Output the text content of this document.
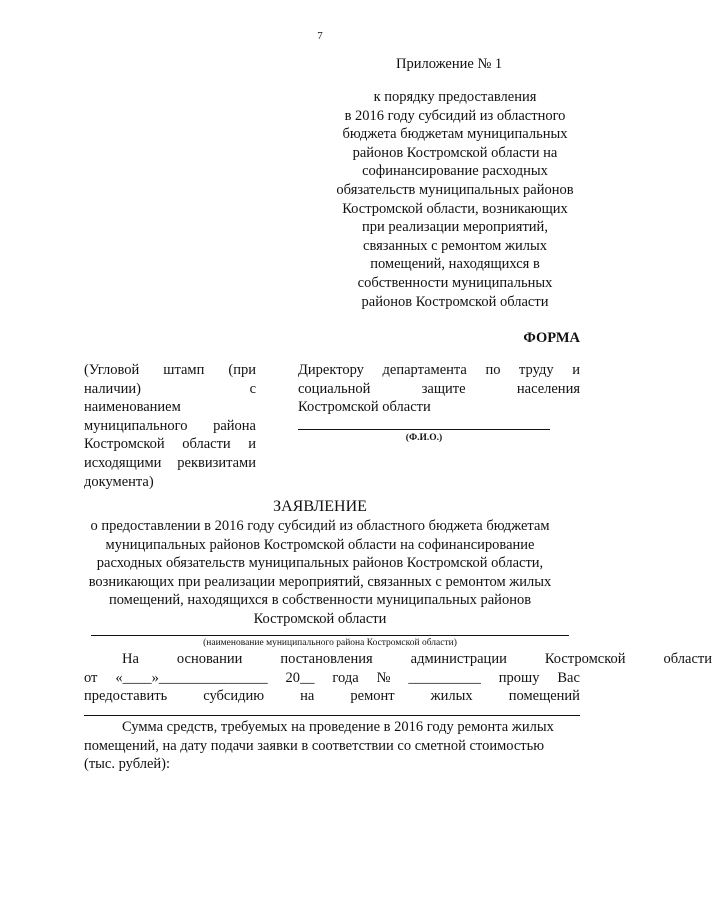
7
Приложение № 1
к порядку предоставления
в 2016 году субсидий из областного
бюджета бюджетам муниципальных
районов Костромской области на
софинансирование расходных
обязательств муниципальных районов
Костромской области, возникающих
при реализации мероприятий,
связанных с ремонтом жилых
помещений, находящихся в
собственности муниципальных
районов Костромской области
ФОРМА
(Угловой штамп (при
наличии)	с
наименованием
муниципального района
Костромской области и
исходящими реквизитами
документа)
Директору департамента по труду и
социальной	защите	населения
Костромской области
(Ф.И.О.)
ЗАЯВЛЕНИЕ
о предоставлении в 2016 году субсидий из областного бюджета бюджетам
муниципальных районов Костромской области на софинансирование
расходных обязательств муниципальных районов Костромской области,
возникающих при реализации мероприятий, связанных с ремонтом жилых
помещений, находящихся в собственности муниципальных районов
Костромской области
(наименование муниципального района Костромской области)
На	основании	постановления	администрации	Костромской	области
от «____»_______________ 20__ года № __________ прошу Вас
предоставить субсидию на ремонт жилых помещений
Сумма средств, требуемых на проведение в 2016 году ремонта жилых
помещений, на дату подачи заявки в соответствии со сметной стоимостью
(тыс. рублей):
